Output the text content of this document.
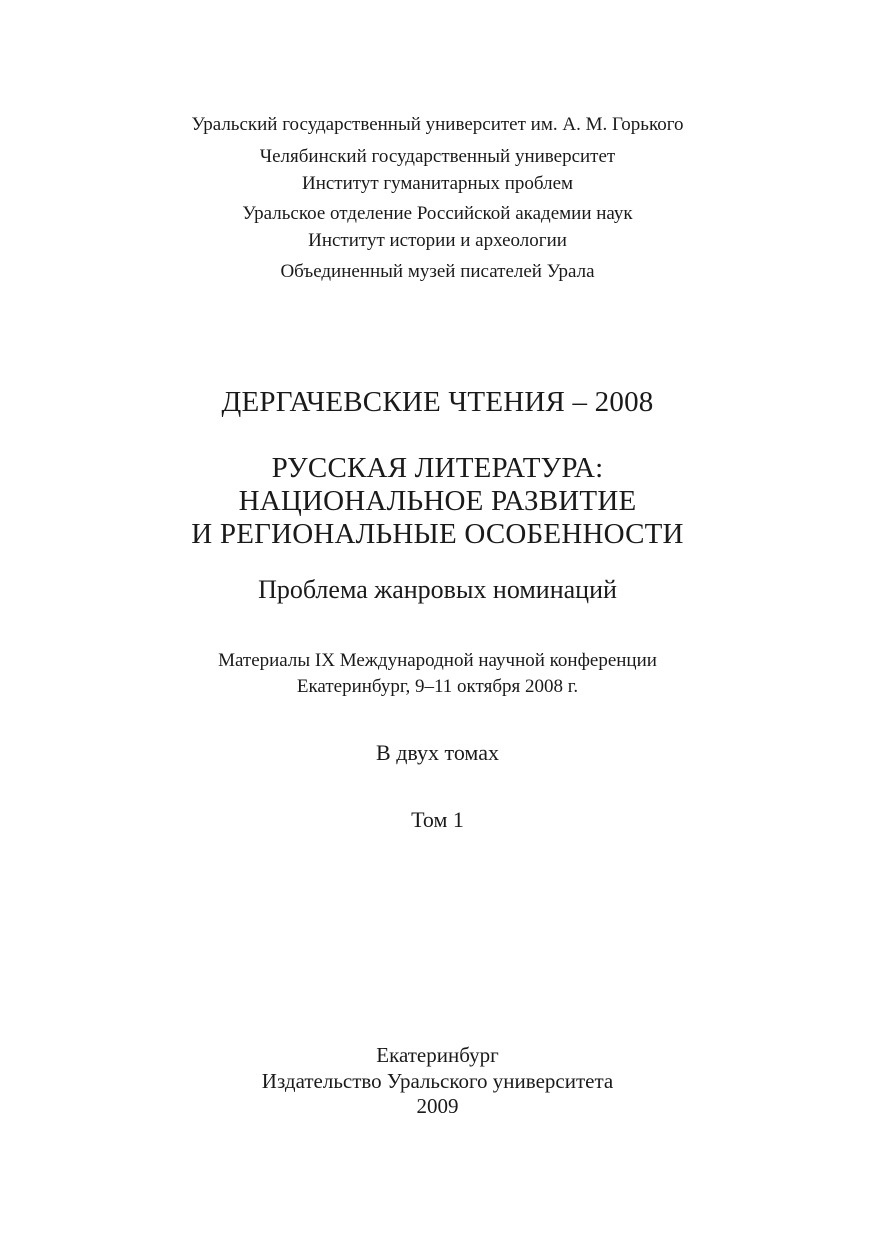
Уральский государственный университет им. А. М. Горького
Челябинский государственный университет
Институт гуманитарных проблем
Уральское отделение Российской академии наук
Институт истории и археологии
Объединенный музей писателей Урала
ДЕРГАЧЕВСКИЕ ЧТЕНИЯ – 2008
РУССКАЯ ЛИТЕРАТУРА:
НАЦИОНАЛЬНОЕ РАЗВИТИЕ
И РЕГИОНАЛЬНЫЕ ОСОБЕННОСТИ
Проблема жанровых номинаций
Материалы IX Международной научной конференции
Екатеринбург, 9–11 октября 2008 г.
В двух томах
Том 1
Екатеринбург
Издательство Уральского университета
2009
